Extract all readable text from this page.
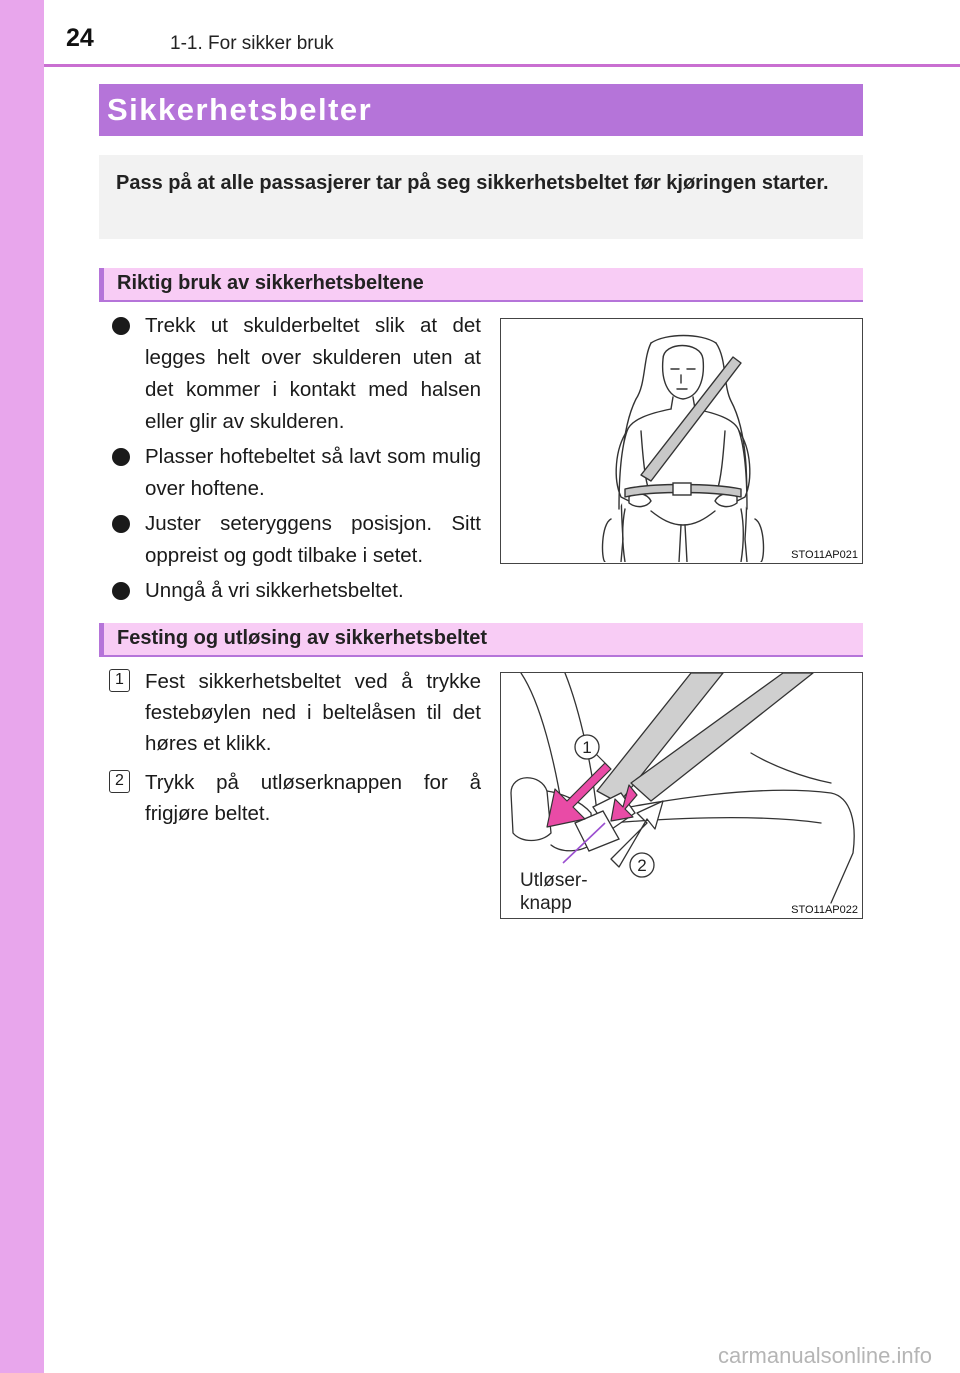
24	1-1. For sikker bruk
Sikkerhetsbelter

Pass på at alle passasjerer tar på seg sikkerhetsbeltet før kjøringen starter.

Riktig bruk av sikkerhetsbeltene
Trekk ut skulderbeltet slik at det legges helt over skulderen uten at det kommer i kontakt med halsen eller glir av skulderen.
Plasser hoftebeltet så lavt som mulig over hoftene.
Juster seteryggens posisjon. Sitt oppreist og godt tilbake i setet.
Unngå å vri sikkerhetsbeltet.
STO11AP021
Festing og utløsing av sikkerhetsbeltet
1 Fest sikkerhetsbeltet ved å trykke festebøylen ned i beltelåsen til det høres et klikk.
2 Trykk på utløserknappen for å frigjøre beltet.
1
2
Utløser-
knapp	STO11AP022
carmanualsonline.info
